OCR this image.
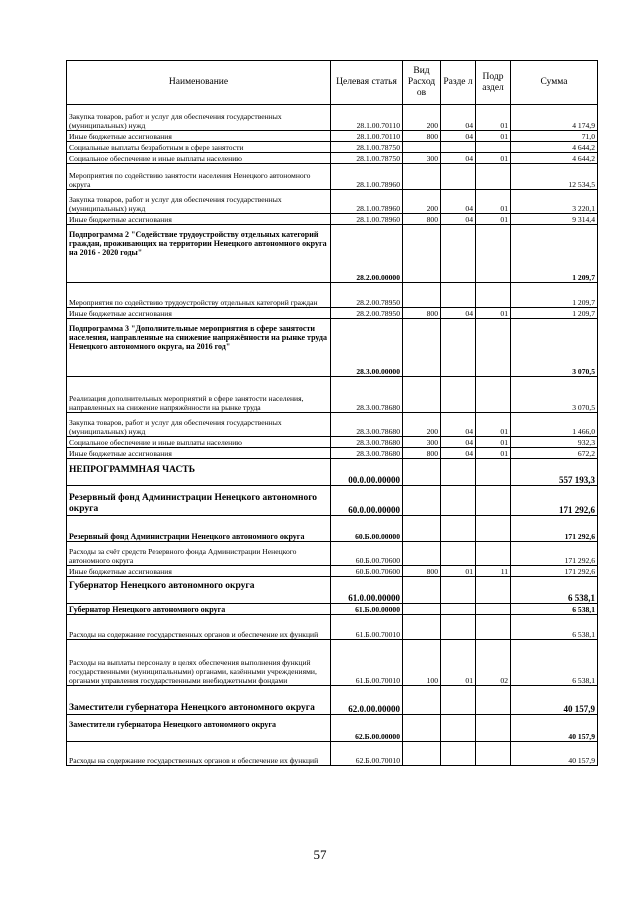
Наименование	Целевая статья	Вид Расход ов	Разде л	Подр аздел	Сумма
Закупка товаров, работ и услуг для обеспечения государственных (муниципальных) нужд	28.1.00.70110	200	04	01	4 174,9
Иные бюджетные ассигнования	28.1.00.70110	800	04	01	71,0
Социальные выплаты безработным в сфере занятости	28.1.00.78750				4 644,2
Социальное обеспечение и иные выплаты населению	28.1.00.78750	300	04	01	4 644,2
Мероприятия по содействию занятости населения Ненецкого автономного округа	28.1.00.78960				12 534,5
Закупка товаров, работ и услуг для обеспечения государственных (муниципальных) нужд	28.1.00.78960	200	04	01	3 220,1
Иные бюджетные ассигнования	28.1.00.78960	800	04	01	9 314,4
Подпрограмма 2 "Содействие трудоустройству отдельных категорий граждан, проживающих на территории Ненецкого автономного округа на 2016 - 2020 годы"	28.2.00.00000				1 209,7
Мероприятия по содействию трудоустройству отдельных категорий граждан	28.2.00.78950				1 209,7
Иные бюджетные ассигнования	28.2.00.78950	800	04	01	1 209,7
Подпрограмма 3 "Дополнительные мероприятия в сфере занятости населения, направленные на снижение напряжённости на рынке труда Ненецкого автономного округа, на 2016 год"	28.3.00.00000				3 070,5
Реализация дополнительных мероприятий в сфере занятости населения, направленных на снижение напряжённости на рынке труда	28.3.00.78680				3 070,5
Закупка товаров, работ и услуг для обеспечения государственных (муниципальных) нужд	28.3.00.78680	200	04	01	1 466,0
Социальное обеспечение и иные выплаты населению	28.3.00.78680	300	04	01	932,3
Иные бюджетные ассигнования	28.3.00.78680	800	04	01	672,2
НЕПРОГРАММНАЯ ЧАСТЬ	00.0.00.00000				557 193,3
Резервный фонд Администрации Ненецкого автономного округа	60.0.00.00000				171 292,6
Резервный фонд Администрации Ненецкого автономного округа	60.Б.00.00000				171 292,6
Расходы за счёт средств Резервного фонда Администрации Ненецкого автономного округа	60.Б.00.70600				171 292,6
Иные бюджетные ассигнования	60.Б.00.70600	800	01	11	171 292,6
Губернатор Ненецкого автономного округа	61.0.00.00000				6 538,1
Губернатор Ненецкого автономного округа	61.Б.00.00000				6 538,1
Расходы на содержание государственных органов и обеспечение их функций	61.Б.00.70010				6 538,1
Расходы на выплаты персоналу в целях обеспечения выполнения функций государственными (муниципальными) органами, казёнными учреждениями, органами управления государственными внебюджетными фондами	61.Б.00.70010	100	01	02	6 538,1
Заместители губернатора Ненецкого автономного округа	62.0.00.00000				40 157,9
Заместители губернатора Ненецкого автономного округа	62.Б.00.00000				40 157,9
Расходы на содержание государственных органов и обеспечение их функций	62.Б.00.70010				40 157,9
57
